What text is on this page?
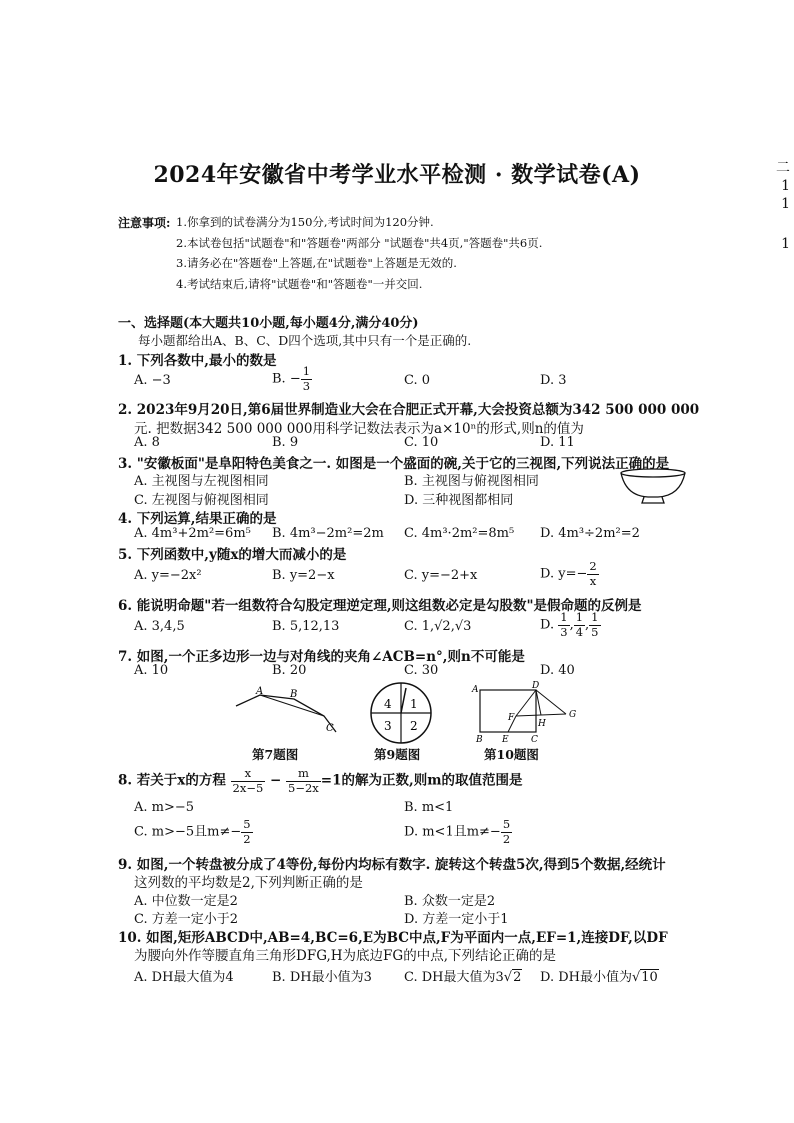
二
1
1
1
2024年安徽省中考学业水平检测 · 数学试卷(A)
注意事项: 1.你拿到的试卷满分为150分,考试时间为120分钟.
2.本试卷包括"试题卷"和"答题卷"两部分 "试题卷"共4页,"答题卷"共6页.
3.请务必在"答题卷"上答题,在"试题卷"上答题是无效的.
4.考试结束后,请将"试题卷"和"答题卷"一并交回.
一、选择题(本大题共10小题,每小题4分,满分40分)
每小题都给出A、B、C、D四个选项,其中只有一个是正确的.
1. 下列各数中,最小的数是
A. −3	B. − $\frac{1}{3}$	C. 0	D. 3
2. 2023年9月20日,第6届世界制造业大会在合肥正式开幕,大会投资总额为342 500 000 000
元. 把数据342 500 000 000用科学记数法表示为a×10ⁿ的形式,则n的值为
A. 8	B. 9	C. 10	D. 11
3. "安徽板面"是阜阳特色美食之一. 如图是一个盛面的碗,关于它的三视图,下列说法正确的是
A. 主视图与左视图相同	B. 主视图与俯视图相同
C. 左视图与俯视图相同	D. 三种视图都相同
4. 下列运算,结果正确的是
A. 4m³+2m²=6m⁵ B. 4m³−2m²=2m C. 4m³·2m²=8m⁵ D. 4m³÷2m²=2
5. 下列函数中,y随x的增大而减小的是
A. y=−2x²	B. y=2−x	C. y=−2+x	D. $y=- \frac{2}{x}$
6. 能说明命题"若一组数符合勾股定理逆定理,则这组数必定是勾股数"是假命题的反例是
A. 3,4,5	B. 5,12,13	C. 1,√2,√3	D. $\frac{1}{3}$ , $\frac{1}{4}$ , $\frac{1}{5}$
7. 如图,一个正多边形一边与对角线的夹角∠ACB=n°,则n不可能是
A. 10	B. 20	C. 30	D. 40
A	B
C
第7题图
4 1
3 2
第9题图
A	D
G
F
H
B E C
第10题图
8. 若关于x的方程 $\frac{x}{2x-5} - \frac{m}{5-2x} =1$的解为正数,则m的取值范围是
A. m>−5	B. m<1
C. m>−5且$m\ne- \frac{5}{2}$	D. m<1且$m\ne- \frac{5}{2}$
9. 如图,一个转盘被分成了4等份,每份内均标有数字. 旋转这个转盘5次,得到5个数据,经统计
这列数的平均数是2,下列判断正确的是
A. 中位数一定是2	B. 众数一定是2
C. 方差一定小于2	D. 方差一定小于1
10. 如图,矩形ABCD中,AB=4,BC=6,E为BC中点,F为平面内一点,EF=1,连接DF,以DF
为腰向外作等腰直角三角形DFG,H为底边FG的中点,下列结论正确的是
A. DH最大值为4	B. DH最小值为3 C. DH最大值为3√2 D. DH最小值为√10
